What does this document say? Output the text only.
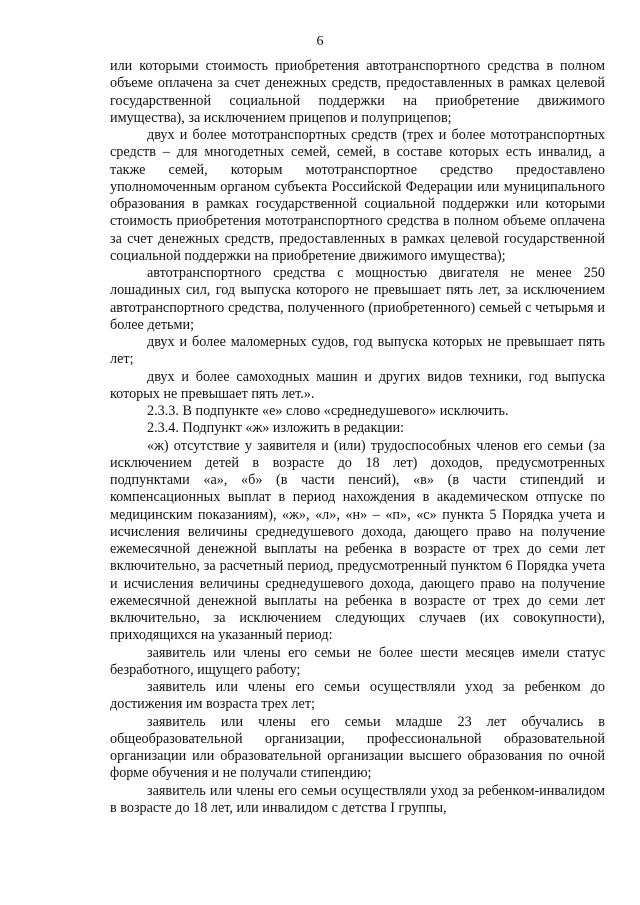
6

или которыми стоимость приобретения автотранспортного средства в полном объеме оплачена за счет денежных средств, предоставленных в рамках целевой государственной социальной поддержки на приобретение движимого имущества), за исключением прицепов и полуприцепов;

двух и более мототранспортных средств (трех и более мототранспортных средств – для многодетных семей, семей, в составе которых есть инвалид, а также семей, которым мототранспортное средство предоставлено уполномоченным органом субъекта Российской Федерации или муниципального образования в рамках государственной социальной поддержки или которыми стоимость приобретения мототранспортного средства в полном объеме оплачена за счет денежных средств, предоставленных в рамках целевой государственной социальной поддержки на приобретение движимого имущества);

автотранспортного средства с мощностью двигателя не менее 250 лошадиных сил, год выпуска которого не превышает пять лет, за исключением автотранспортного средства, полученного (приобретенного) семьей с четырьмя и более детьми;

двух и более маломерных судов, год выпуска которых не превышает пять лет;

двух и более самоходных машин и других видов техники, год выпуска которых не превышает пять лет.».

2.3.3. В подпункте «е» слово «среднедушевого» исключить.

2.3.4. Подпункт «ж» изложить в редакции:

«ж) отсутствие у заявителя и (или) трудоспособных членов его семьи (за исключением детей в возрасте до 18 лет) доходов, предусмотренных подпунктами «а», «б» (в части пенсий), «в» (в части стипендий и компенсационных выплат в период нахождения в академическом отпуске по медицинским показаниям), «ж», «л», «н» – «п», «с» пункта 5 Порядка учета и исчисления величины среднедушевого дохода, дающего право на получение ежемесячной денежной выплаты на ребенка в возрасте от трех до семи лет включительно, за расчетный период, предусмотренный пунктом 6 Порядка учета и исчисления величины среднедушевого дохода, дающего право на получение ежемесячной денежной выплаты на ребенка в возрасте от трех до семи лет включительно, за исключением следующих случаев (их совокупности), приходящихся на указанный период:

заявитель или члены его семьи не более шести месяцев имели статус безработного, ищущего работу;

заявитель или члены его семьи осуществляли уход за ребенком до достижения им возраста трех лет;

заявитель или члены его семьи младше 23 лет обучались в общеобразовательной организации, профессиональной образовательной организации или образовательной организации высшего образования по очной форме обучения и не получали стипендию;

заявитель или члены его семьи осуществляли уход за ребенком-инвалидом в возрасте до 18 лет, или инвалидом с детства I группы,
